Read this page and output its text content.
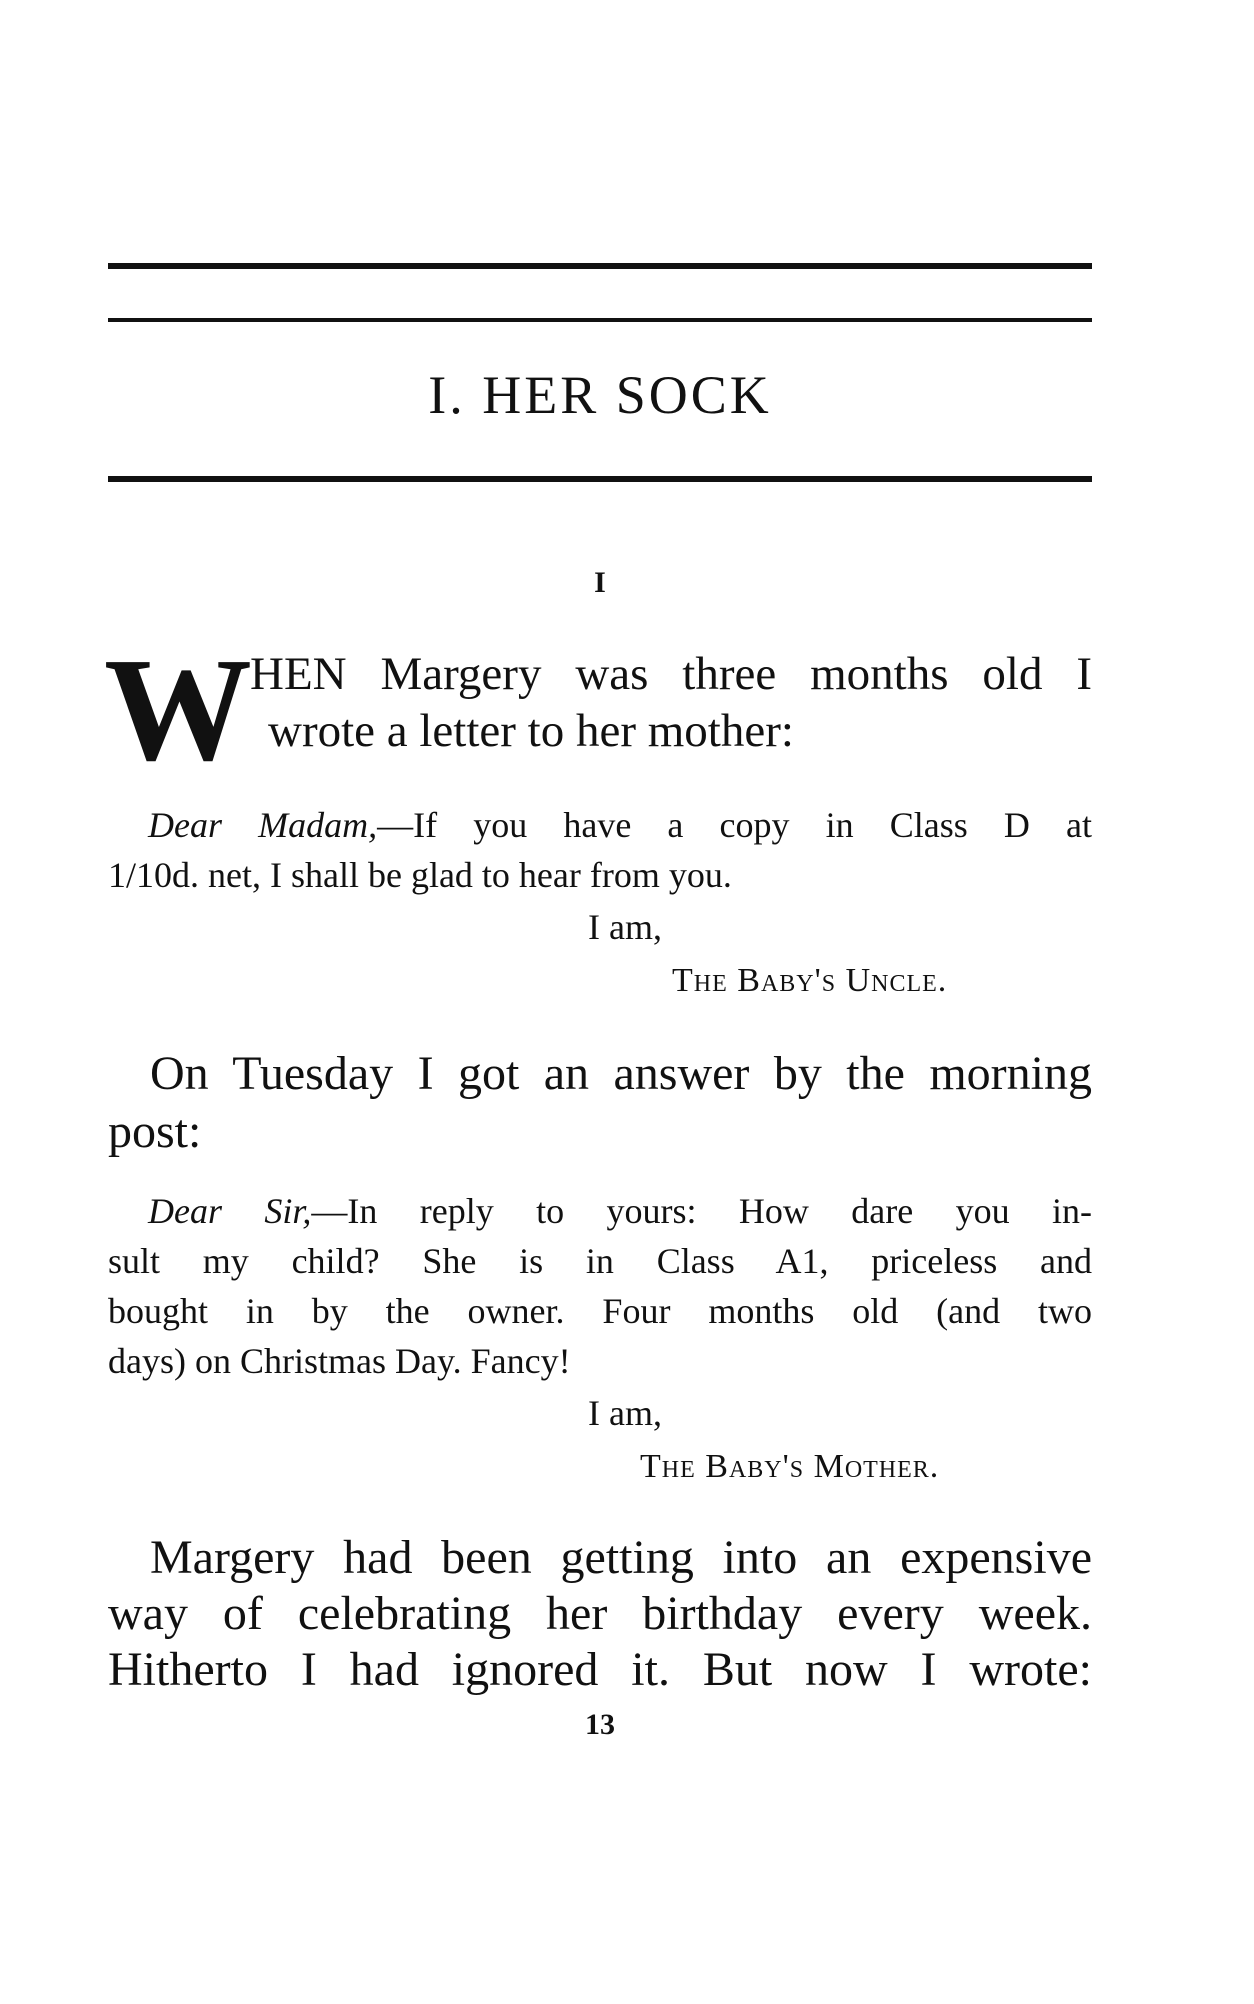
I. HER SOCK
I
W HEN Margery was three months old I
wrote a letter to her mother:
Dear Madam,—If you have a copy in Class D at
1/10d. net, I shall be glad to hear from you.
I am,
The Baby's Uncle.
On Tuesday I got an answer by the morning
post:
Dear Sir,—In reply to yours: How dare you in-
sult my child? She is in Class A1, priceless and
bought in by the owner. Four months old (and two
days) on Christmas Day. Fancy!
I am,
The Baby's Mother.
Margery had been getting into an expensive
way of celebrating her birthday every week.
Hitherto I had ignored it. But now I wrote:
13
